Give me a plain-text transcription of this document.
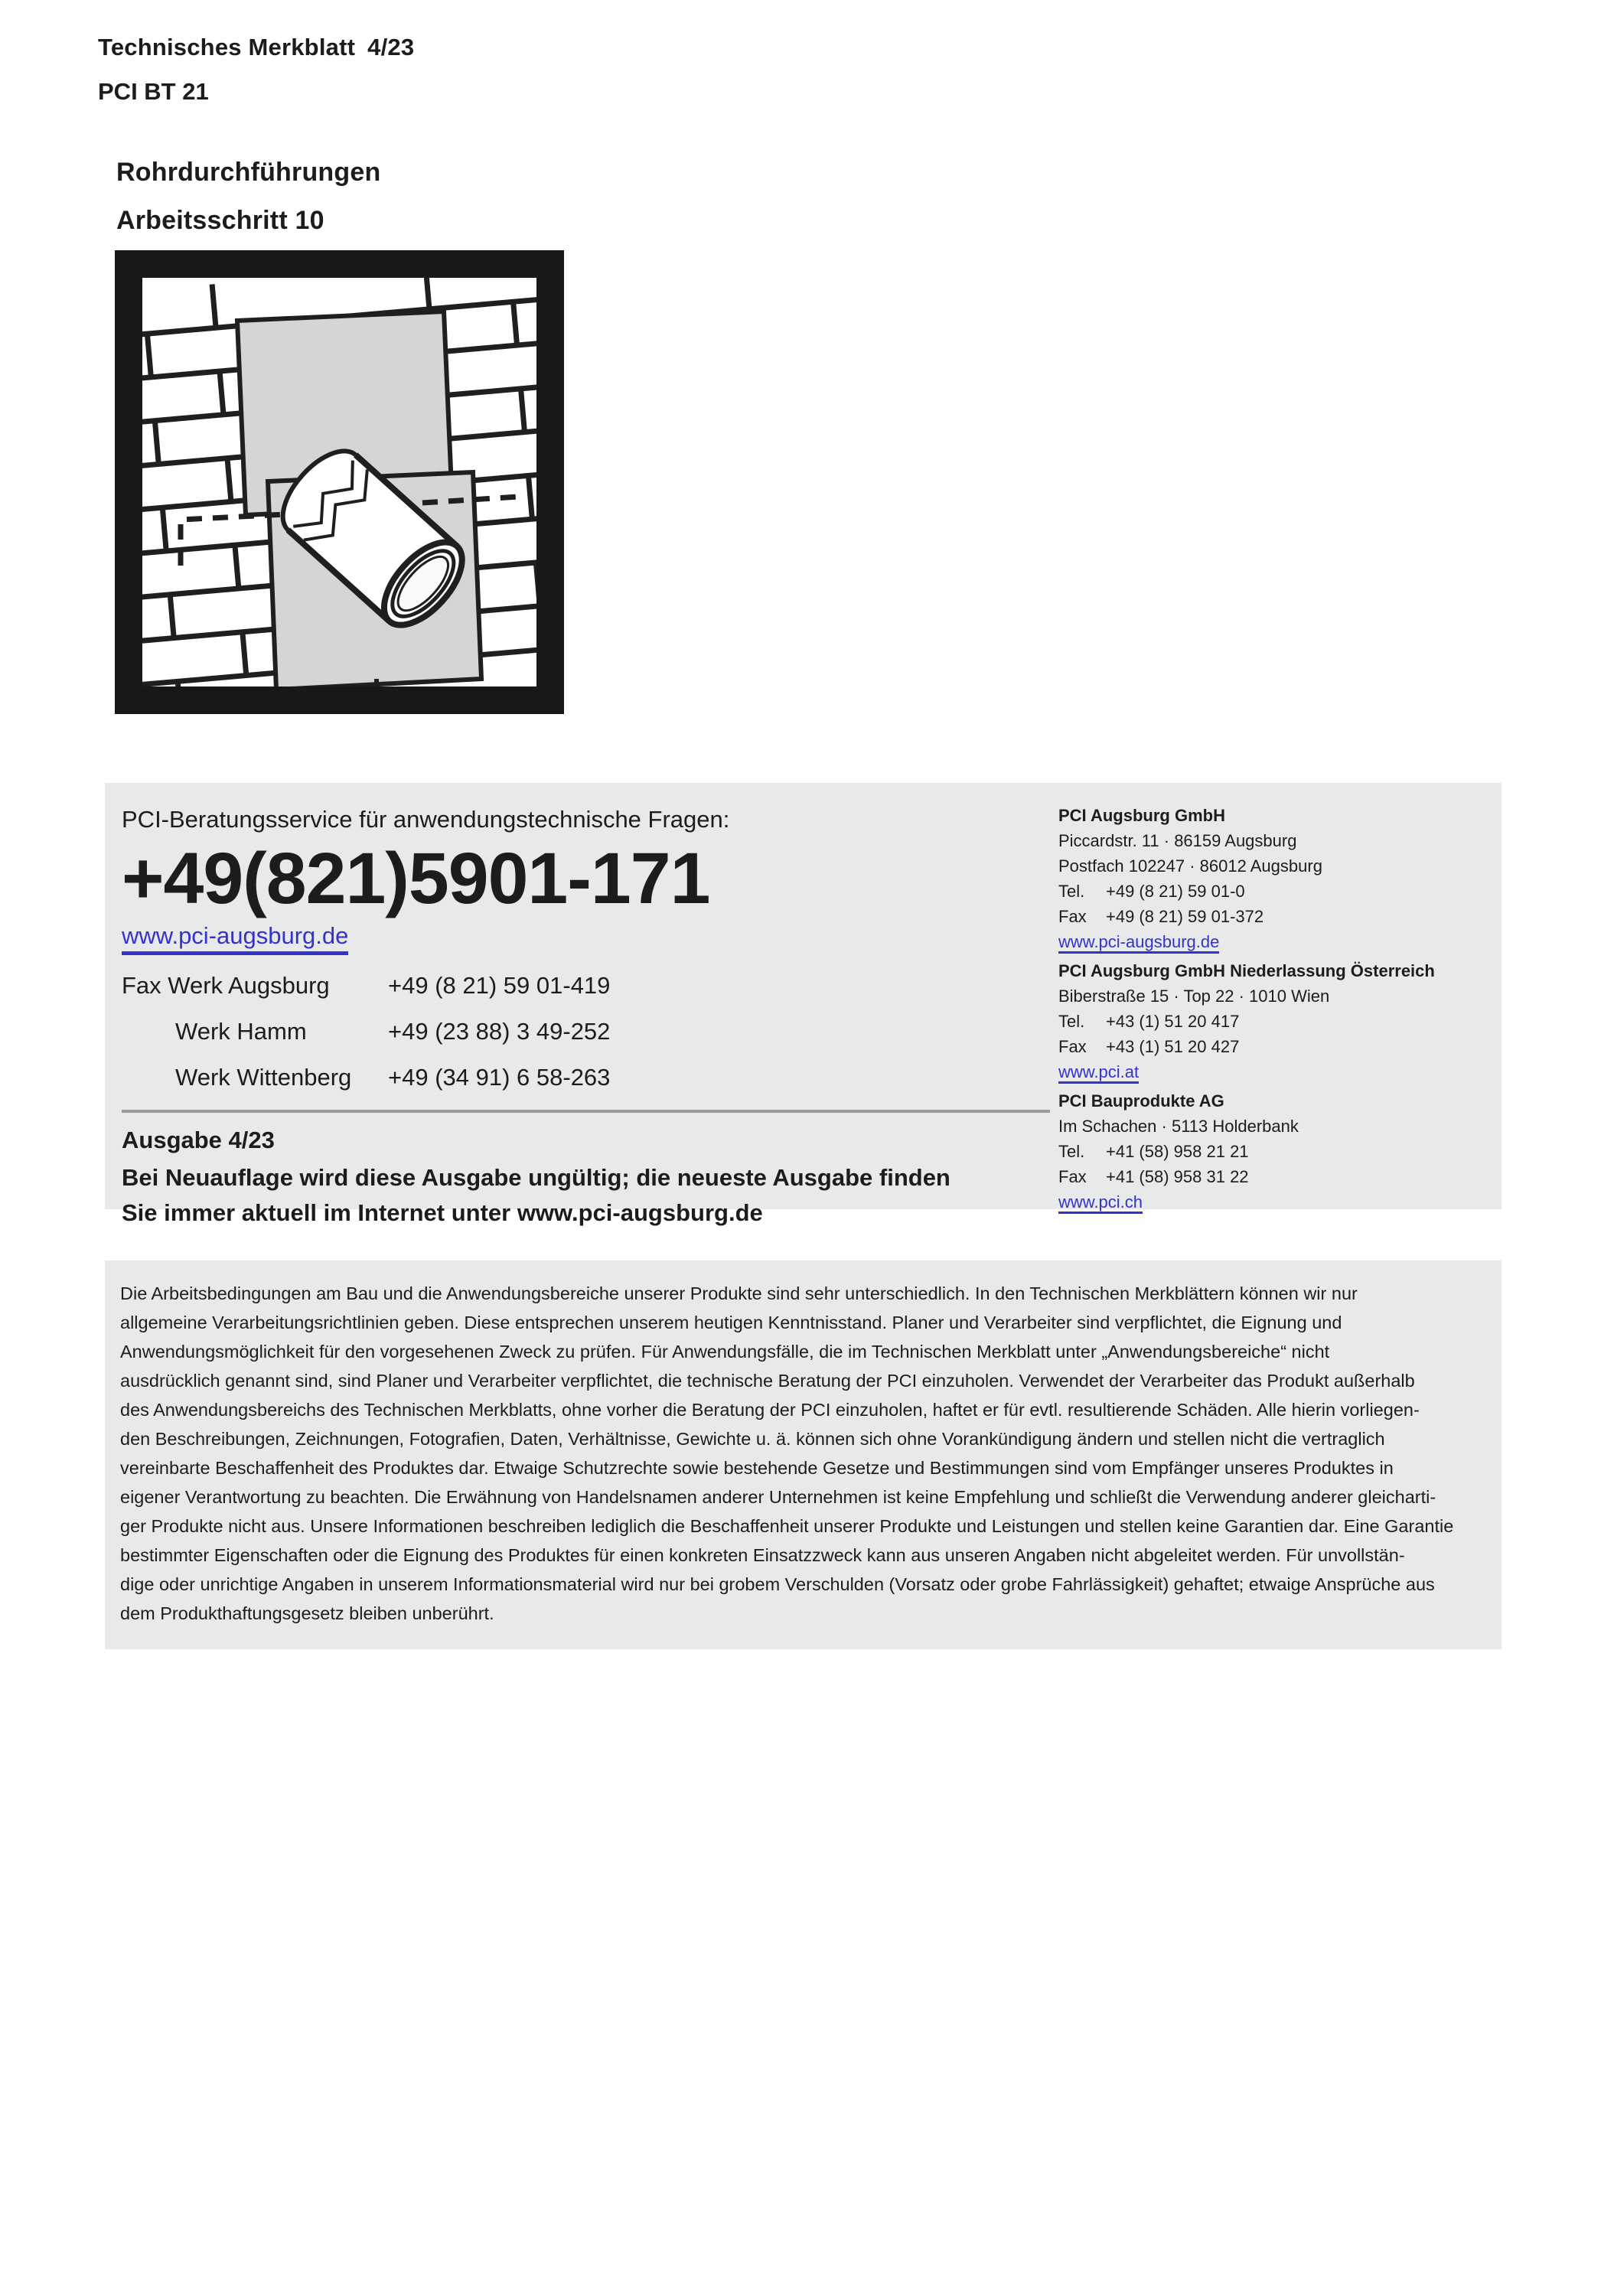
Technisches Merkblatt 4/23
PCI BT 21
Rohrdurchführungen
Arbeitsschritt 10
PCI-Beratungsservice für anwendungstechnische Fragen:
+49(821)5901-171
www.pci-augsburg.de
Fax Werk Augsburg	+49 (8 21) 59 01-419
Werk Hamm	+49 (23 88) 3 49-252
Werk Wittenberg	+49 (34 91) 6 58-263
Ausgabe 4/23
Bei Neuauflage wird diese Ausgabe ungültig; die neueste Ausgabe finden
Sie immer aktuell im Internet unter www.pci-augsburg.de
PCI Augsburg GmbH
Piccardstr. 11 · 86159 Augsburg
Postfach 102247 · 86012 Augsburg
Tel.	+49 (8 21) 59 01-0
Fax	+49 (8 21) 59 01-372
www.pci-augsburg.de
PCI Augsburg GmbH Niederlassung Österreich
Biberstraße 15 · Top 22 · 1010 Wien
Tel.	+43 (1) 51 20 417
Fax	+43 (1) 51 20 427
www.pci.at
PCI Bauprodukte AG
Im Schachen · 5113 Holderbank
Tel.	+41 (58) 958 21 21
Fax	+41 (58) 958 31 22
www.pci.ch
Die Arbeitsbedingungen am Bau und die Anwendungsbereiche unserer Produkte sind sehr unterschiedlich. In den Technischen Merkblättern können wir nur
allgemeine Verarbeitungsrichtlinien geben. Diese entsprechen unserem heutigen Kenntnisstand. Planer und Verarbeiter sind verpflichtet, die Eignung und
Anwendungsmöglichkeit für den vorgesehenen Zweck zu prüfen. Für Anwendungsfälle, die im Technischen Merkblatt unter „Anwendungsbereiche“ nicht
ausdrücklich genannt sind, sind Planer und Verarbeiter verpflichtet, die technische Beratung der PCI einzuholen. Verwendet der Verarbeiter das Produkt außerhalb
des Anwendungsbereichs des Technischen Merkblatts, ohne vorher die Beratung der PCI einzuholen, haftet er für evtl. resultierende Schäden. Alle hierin vorliegen-
den Beschreibungen, Zeichnungen, Fotografien, Daten, Verhältnisse, Gewichte u. ä. können sich ohne Vorankündigung ändern und stellen nicht die vertraglich
vereinbarte Beschaffenheit des Produktes dar. Etwaige Schutzrechte sowie bestehende Gesetze und Bestimmungen sind vom Empfänger unseres Produktes in
eigener Verantwortung zu beachten. Die Erwähnung von Handelsnamen anderer Unternehmen ist keine Empfehlung und schließt die Verwendung anderer gleicharti-
ger Produkte nicht aus. Unsere Informationen beschreiben lediglich die Beschaffenheit unserer Produkte und Leistungen und stellen keine Garantien dar. Eine Garantie
bestimmter Eigenschaften oder die Eignung des Produktes für einen konkreten Einsatzzweck kann aus unseren Angaben nicht abgeleitet werden. Für unvollstän-
dige oder unrichtige Angaben in unserem Informationsmaterial wird nur bei grobem Verschulden (Vorsatz oder grobe Fahrlässigkeit) gehaftet; etwaige Ansprüche aus
dem Produkthaftungsgesetz bleiben unberührt.
